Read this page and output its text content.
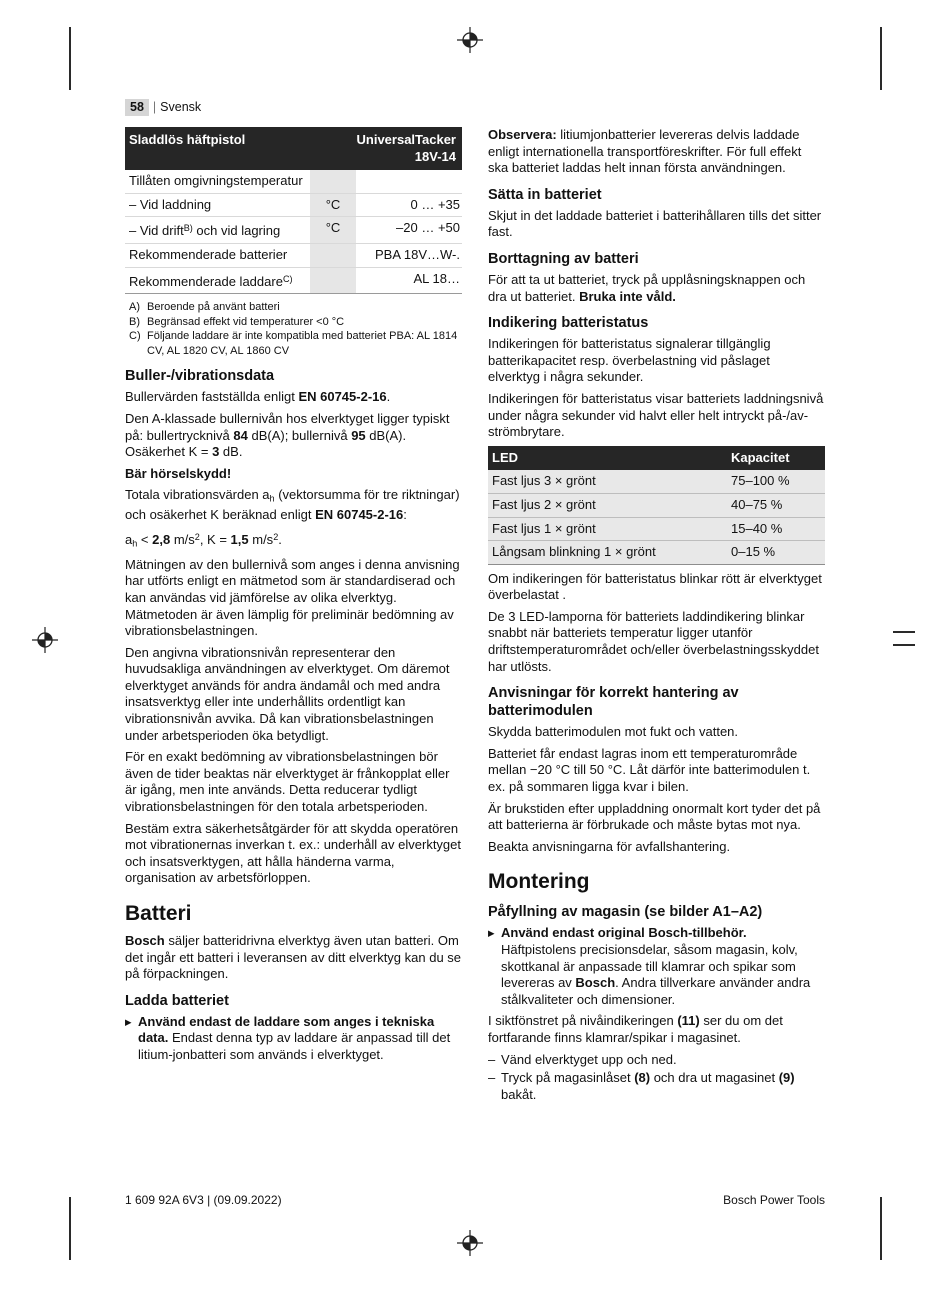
58 | Svensk
Sladdlös häftpistol	UniversalTacker 18V-14
Tillåten omgivningstemperatur
– Vid laddning	°C	0 … +35
– Vid drift$^{B)}$ och vid lagring	°C	–20 … +50
Rekommenderade batterier	PBA 18V…W-.
Rekommenderade laddare$^{C)}$	AL 18…
A) Beroende på använt batteri
B) Begränsad effekt vid temperaturer <0 °C
C) Följande laddare är inte kompatibla med batteriet PBA: AL 1814 CV, AL 1820 CV, AL 1860 CV
Buller-/vibrationsdata

Bullervärden fastställda enligt EN 60745-2-16.

Den A-klassade bullernivån hos elverktyget ligger typiskt på: bullertrycknivå 84 dB(A); bullernivå 95 dB(A). Osäkerhet K = 3 dB.

Bär hörselskydd!

Totala vibrationsvärden $a_h$ (vektorsumma för tre riktningar) och osäkerhet K beräknad enligt EN 60745-2-16:

$a_h < 2,8$ $m/s^2$, K = 1,5 $m/s^2$.

Mätningen av den bullernivå som anges i denna anvisning har utförts enligt en mätmetod som är standardiserad och kan användas vid jämförelse av olika elverktyg. Mätmetoden är även lämplig för preliminär bedömning av vibrationsbelastningen.

Den angivna vibrationsnivån representerar den huvudsakliga användningen av elverktyget. Om däremot elverktyget används för andra ändamål och med andra insatsverktyg eller inte underhållits ordentligt kan vibrationsnivån avvika. Då kan vibrationsbelastningen under arbetsperioden öka betydligt.

För en exakt bedömning av vibrationsbelastningen bör även de tider beaktas när elverktyget är frånkopplat eller är igång, men inte används. Detta reducerar tydligt vibrationsbelastningen för den totala arbetsperioden.

Bestäm extra säkerhetsåtgärder för att skydda operatören mot vibrationernas inverkan t. ex.: underhåll av elverktyget och insatsverktygen, att hålla händerna varma, organisation av arbetsförloppen.

Batteri

Bosch säljer batteridrivna elverktyg även utan batteri. Om det ingår ett batteri i leveransen av ditt elverktyg kan du se på förpackningen.

Ladda batteriet
▶ Använd endast de laddare som anges i tekniska data. Endast denna typ av laddare är anpassad till det litium-jonbatteri som används i elverktyget.

Observera: litiumjonbatterier levereras delvis laddade enligt internationella transportföreskrifter. För full effekt ska batteriet laddas helt innan första användningen.

Sätta in batteriet

Skjut in det laddade batteriet i batterihållaren tills det sitter fast.

Borttagning av batteri

För att ta ut batteriet, tryck på upplåsningsknappen och dra ut batteriet. Bruka inte våld.

Indikering batteristatus

Indikeringen för batteristatus signalerar tillgänglig batterikapacitet resp. överbelastning vid påslaget elverktyg i några sekunder.

Indikeringen för batteristatus visar batteriets laddningsnivå under några sekunder vid halvt eller helt intryckt på-/av-strömbrytare.

LED	Kapacitet
Fast ljus 3 × grönt	75–100 %
Fast ljus 2 × grönt	40–75 %
Fast ljus 1 × grönt	15–40 %
Långsam blinkning 1 × grönt	0–15 %

Om indikeringen för batteristatus blinkar rött är elverktyget överbelastat .

De 3 LED-lamporna för batteriets laddindikering blinkar snabbt när batteriets temperatur ligger utanför driftstemperaturområdet och/eller överbelastningsskyddet har utlösts.

Anvisningar för korrekt hantering av batterimodulen

Skydda batterimodulen mot fukt och vatten.

Batteriet får endast lagras inom ett temperaturområde mellan −20 °C till 50 °C. Låt därför inte batterimodulen t. ex. på sommaren ligga kvar i bilen.

Är brukstiden efter uppladdning onormalt kort tyder det på att batterierna är förbrukade och måste bytas mot nya.

Beakta anvisningarna för avfallshantering.

Montering
Påfyllning av magasin (se bilder A1–A2)
▶ Använd endast original Bosch-tillbehör. Häftpistolens precisionsdelar, såsom magasin, kolv, skottkanal är anpassade till klamrar och spikar som levereras av Bosch. Andra tillverkare använder andra stålkvaliteter och dimensioner.

I siktfönstret på nivåindikeringen (11) ser du om det fortfarande finns klamrar/spikar i magasinet.

– Vänd elverktyget upp och ned.
– Tryck på magasinlåset (8) och dra ut magasinet (9) bakåt.
1 609 92A 6V3 | (09.09.2022)	Bosch Power Tools
